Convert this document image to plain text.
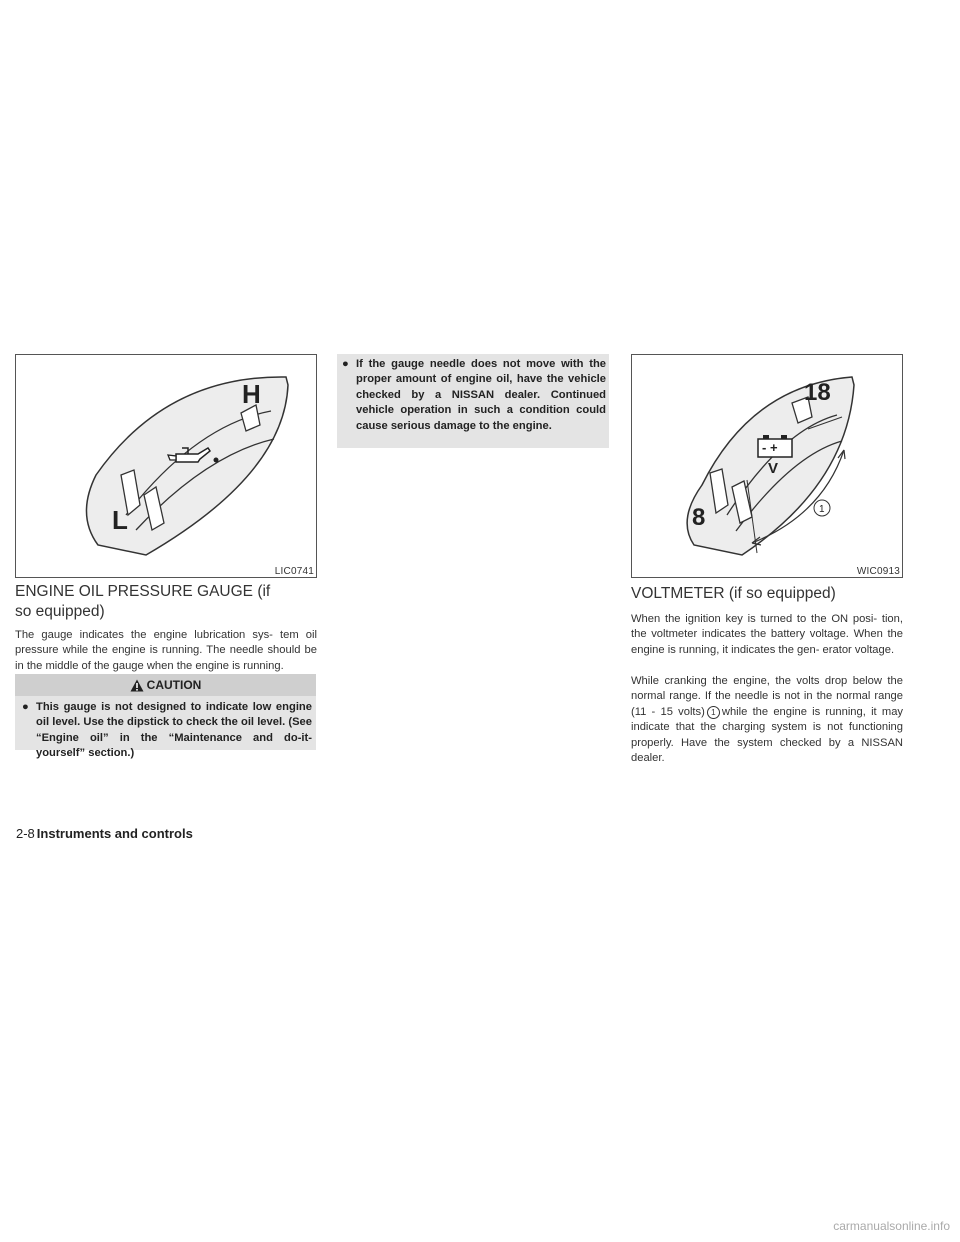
H
L
LIC0741
ENGINE OIL PRESSURE GAUGE (if
so equipped)

The gauge indicates the engine lubrication sys- tem oil pressure while the engine is running. The needle should be in the middle of the gauge when the engine is running.

CAUTION
● This gauge is not designed to indicate low engine oil level. Use the dipstick to check the oil level. (See “Engine oil” in the “Maintenance and do-it-yourself” section.)
● If the gauge needle does not move with the proper amount of engine oil, have the vehicle checked by a NISSAN dealer. Continued vehicle operation in such a condition could cause serious damage to the engine.
- +
V
18
8	1
WIC0913
VOLTMETER (if so equipped)

When the ignition key is turned to the ON posi- tion, the voltmeter indicates the battery voltage. When the engine is running, it indicates the gen- erator voltage.

While cranking the engine, the volts drop below the normal range. If the needle is not in the normal range (11 - 15 volts) 1 while the engine is running, it may indicate that the charging system is not functioning properly. Have the system checked by a NISSAN dealer.

2-8 Instruments and controls
carmanualsonline.info
